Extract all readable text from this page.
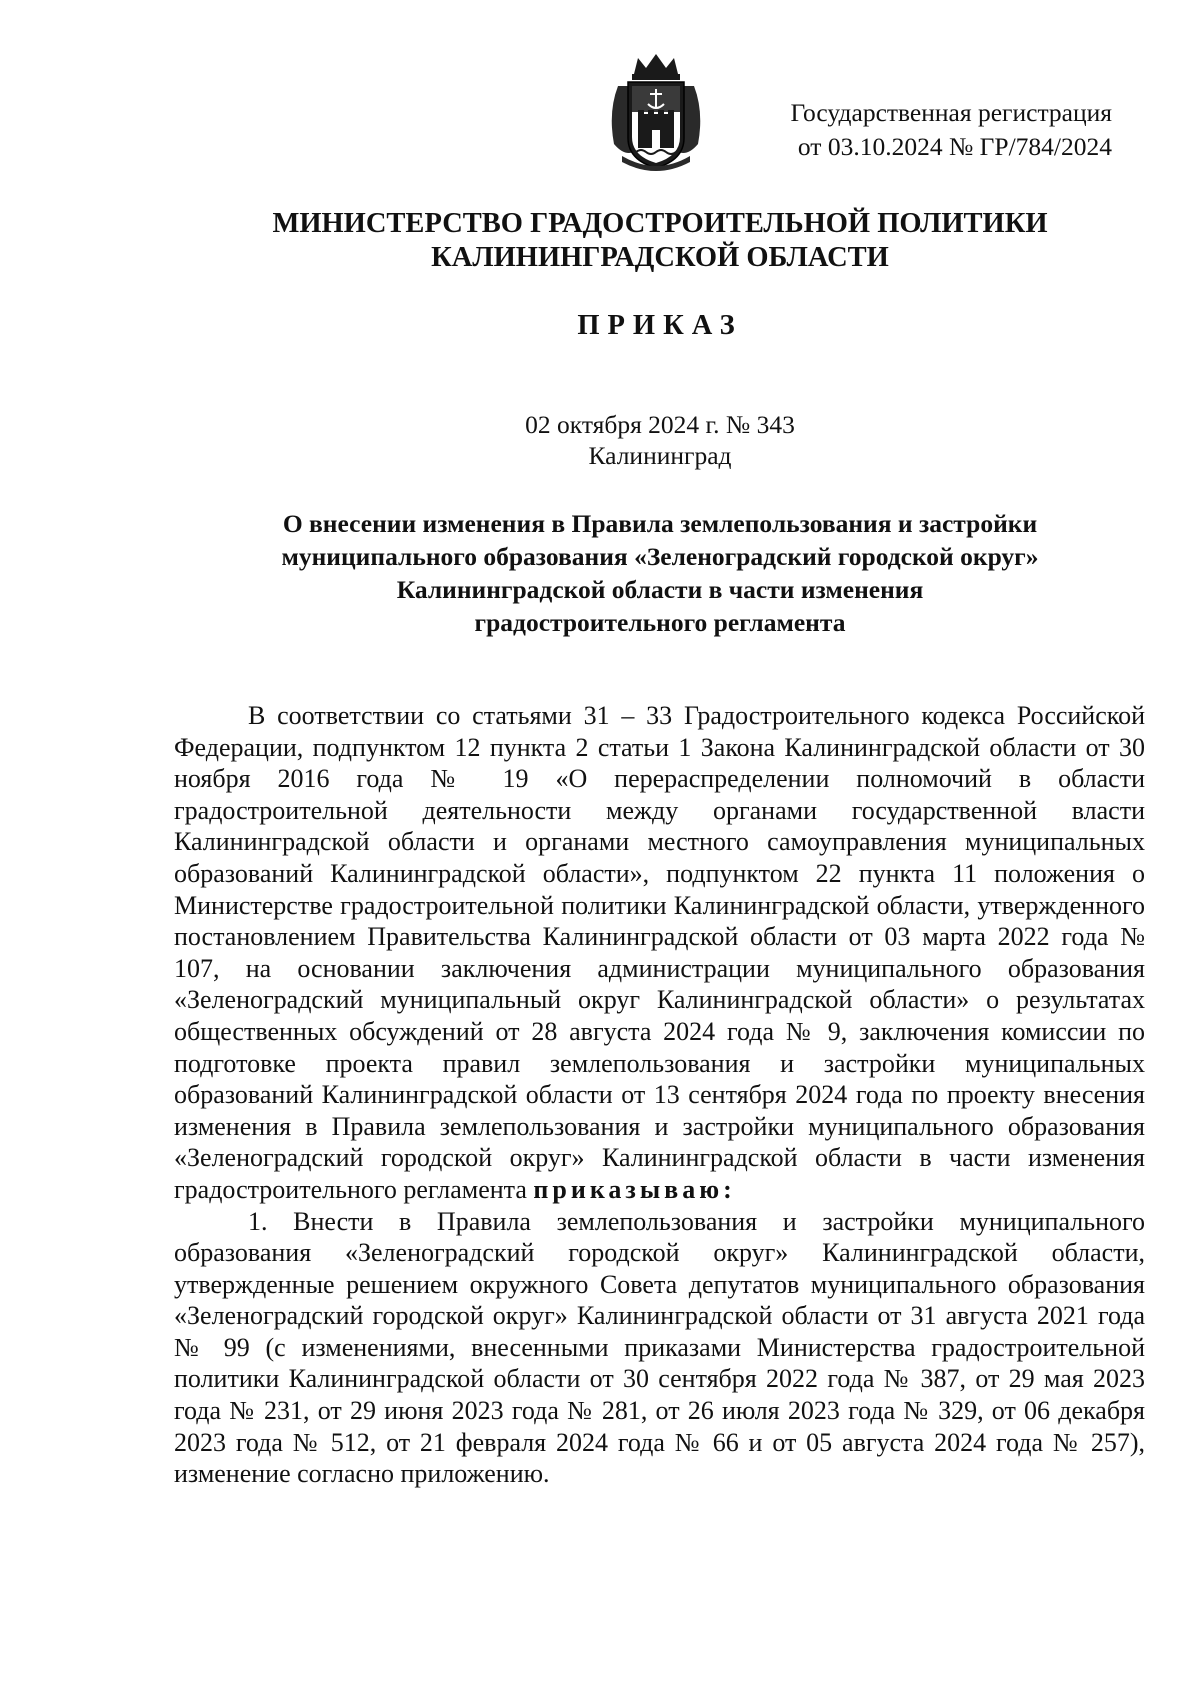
Государственная регистрация
от 03.10.2024 № ГР/784/2024
МИНИСТЕРСТВО ГРАДОСТРОИТЕЛЬНОЙ ПОЛИТИКИ
КАЛИНИНГРАДСКОЙ ОБЛАСТИ
ПРИКАЗ
02 октября 2024 г. № 343
Калининград
О внесении изменения в Правила землепользования и застройки
муниципального образования «Зеленоградский городской округ»
Калининградской области в части изменения
градостроительного регламента

В соответствии со статьями 31 – 33 Градостроительного кодекса Российской Федерации, подпунктом 12 пункта 2 статьи 1 Закона Калининградской области от 30 ноября 2016 года № 19 «О перераспределении полномочий в области градостроительной деятельности между органами государственной власти Калининградской области и органами местного самоуправления муниципальных образований Калининградской области», подпунктом 22 пункта 11 положения о Министерстве градостроительной политики Калининградской области, утвержденного постановлением Правительства Калининградской области от 03 марта 2022 года № 107, на основании заключения администрации муниципального образования «Зеленоградский муниципальный округ Калининградской области» о результатах общественных обсуждений от 28 августа 2024 года № 9, заключения комиссии по подготовке проекта правил землепользования и застройки муниципальных образований Калининградской области от 13 сентября 2024 года по проекту внесения изменения в Правила землепользования и застройки муниципального образования «Зеленоградский городской округ» Калининградской области в части изменения градостроительного регламента приказываю:

1. Внести в Правила землепользования и застройки муниципального образования «Зеленоградский городской округ» Калининградской области, утвержденные решением окружного Совета депутатов муниципального образования «Зеленоградский городской округ» Калининградской области от 31 августа 2021 года № 99 (с изменениями, внесенными приказами Министерства градостроительной политики Калининградской области от 30 сентября 2022 года № 387, от 29 мая 2023 года № 231, от 29 июня 2023 года № 281, от 26 июля 2023 года № 329, от 06 декабря 2023 года № 512, от 21 февраля 2024 года № 66 и от 05 августа 2024 года № 257), изменение согласно приложению.
